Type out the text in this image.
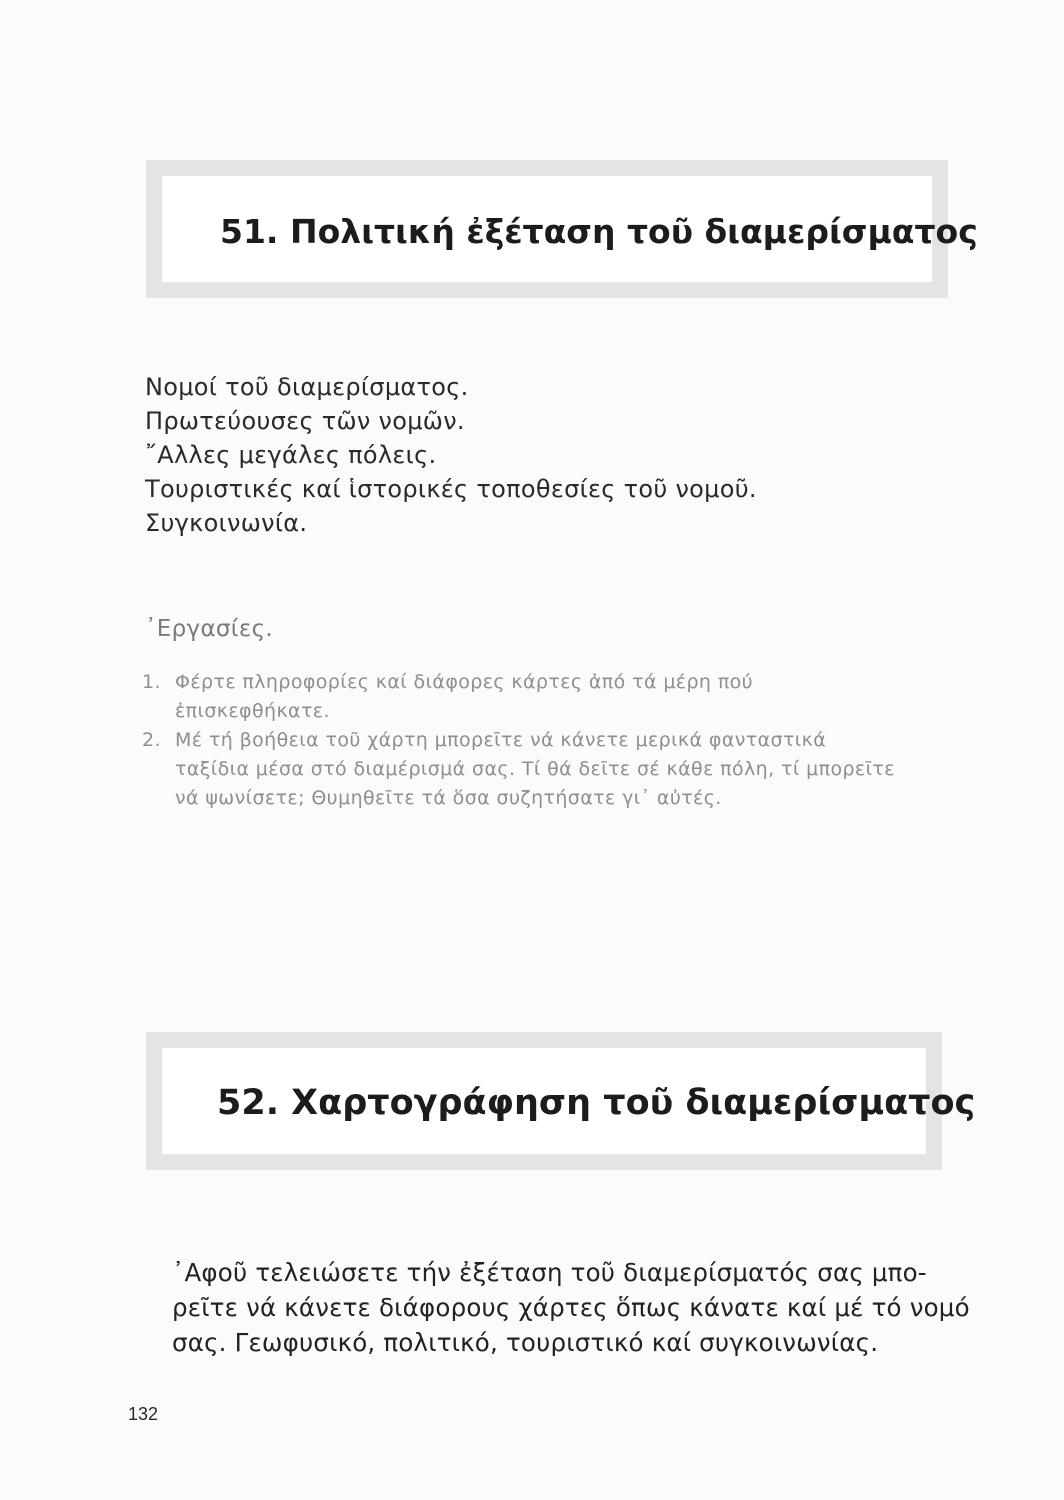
51. Πολιτική ἐξέταση τοῦ διαμερίσματος
Νομοί τοῦ διαμερίσματος.
Πρωτεύουσες τῶν νομῶν.
῎Αλλες μεγάλες πόλεις.
Τουριστικές καί ἱστορικές τοποθεσίες τοῦ νομοῦ.
Συγκοινωνία.
᾿Εργασίες.
1. Φέρτε πληροφορίες καί διάφορες κάρτες ἀπό τά μέρη πού ἐπισκεφθήκατε.
2. Μέ τή βοήθεια τοῦ χάρτη μπορεῖτε νά κάνετε μερικά φανταστικά ταξίδια μέσα στό διαμέρισμά σας. Τί θά δεῖτε σέ κάθε πόλη, τί μπορεῖτε νά ψωνίσετε; Θυμηθεῖτε τά ὅσα συζητήσατε γι᾿ αὐτές.
52. Χαρτογράφηση τοῦ διαμερίσματος

᾿Αφοῦ τελειώσετε τήν ἐξέταση τοῦ διαμερίσματός σας μπο-
ρεῖτε νά κάνετε διάφορους χάρτες ὅπως κάνατε καί μέ τό νομό
σας. Γεωφυσικό, πολιτικό, τουριστικό καί συγκοινωνίας.

132
